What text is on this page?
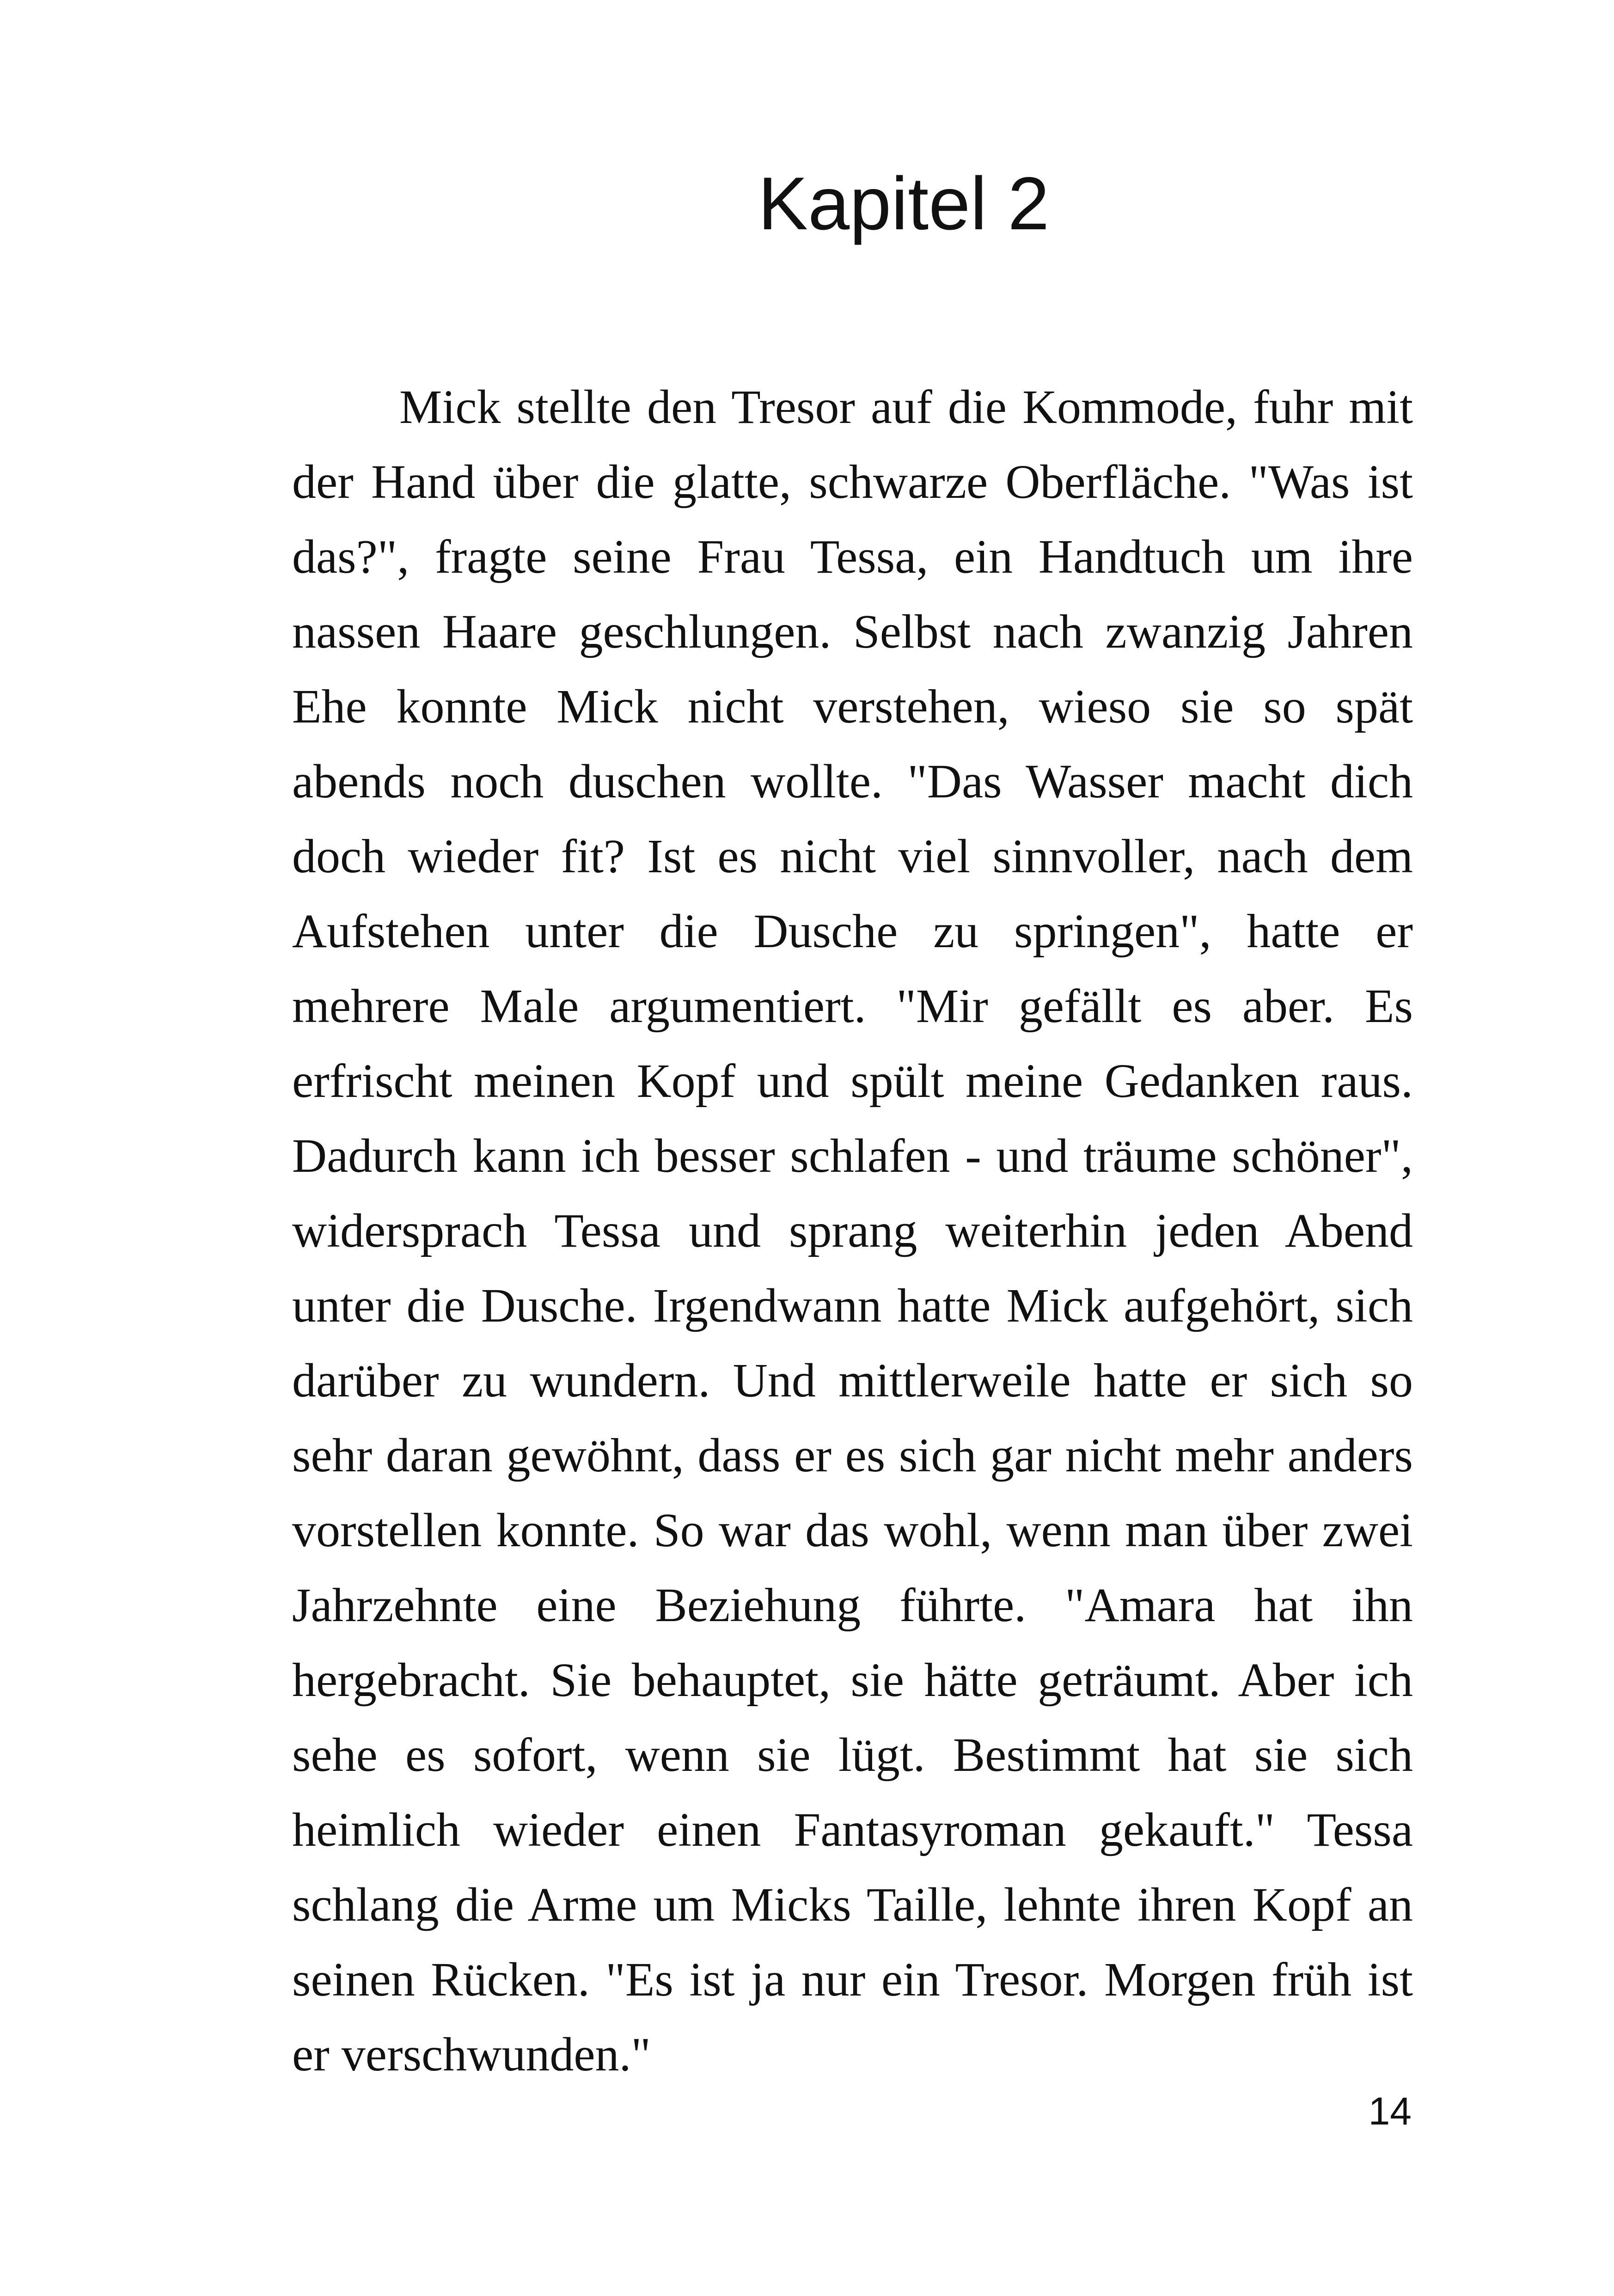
Kapitel 2

Mick stellte den Tresor auf die Kommode, fuhr mit der Hand über die glatte, schwarze Oberfläche. "Was ist das?", fragte seine Frau Tessa, ein Handtuch um ihre nassen Haare geschlungen. Selbst nach zwanzig Jahren Ehe konnte Mick nicht verstehen, wieso sie so spät abends noch duschen wollte. "Das Wasser macht dich doch wieder fit? Ist es nicht viel sinnvoller, nach dem Aufstehen unter die Dusche zu springen", hatte er mehrere Male argumentiert. "Mir gefällt es aber. Es erfrischt meinen Kopf und spült meine Gedanken raus. Dadurch kann ich besser schlafen - und träume schöner", widersprach Tessa und sprang weiterhin jeden Abend unter die Dusche. Irgendwann hatte Mick aufgehört, sich darüber zu wundern. Und mittlerweile hatte er sich so sehr daran gewöhnt, dass er es sich gar nicht mehr anders vorstellen konnte. So war das wohl, wenn man über zwei Jahrzehnte eine Beziehung führte. "Amara hat ihn hergebracht. Sie behauptet, sie hätte geträumt. Aber ich sehe es sofort, wenn sie lügt. Bestimmt hat sie sich heimlich wieder einen Fantasyroman gekauft." Tessa schlang die Arme um Micks Taille, lehnte ihren Kopf an seinen Rücken. "Es ist ja nur ein Tresor. Morgen früh ist er verschwunden."

14
